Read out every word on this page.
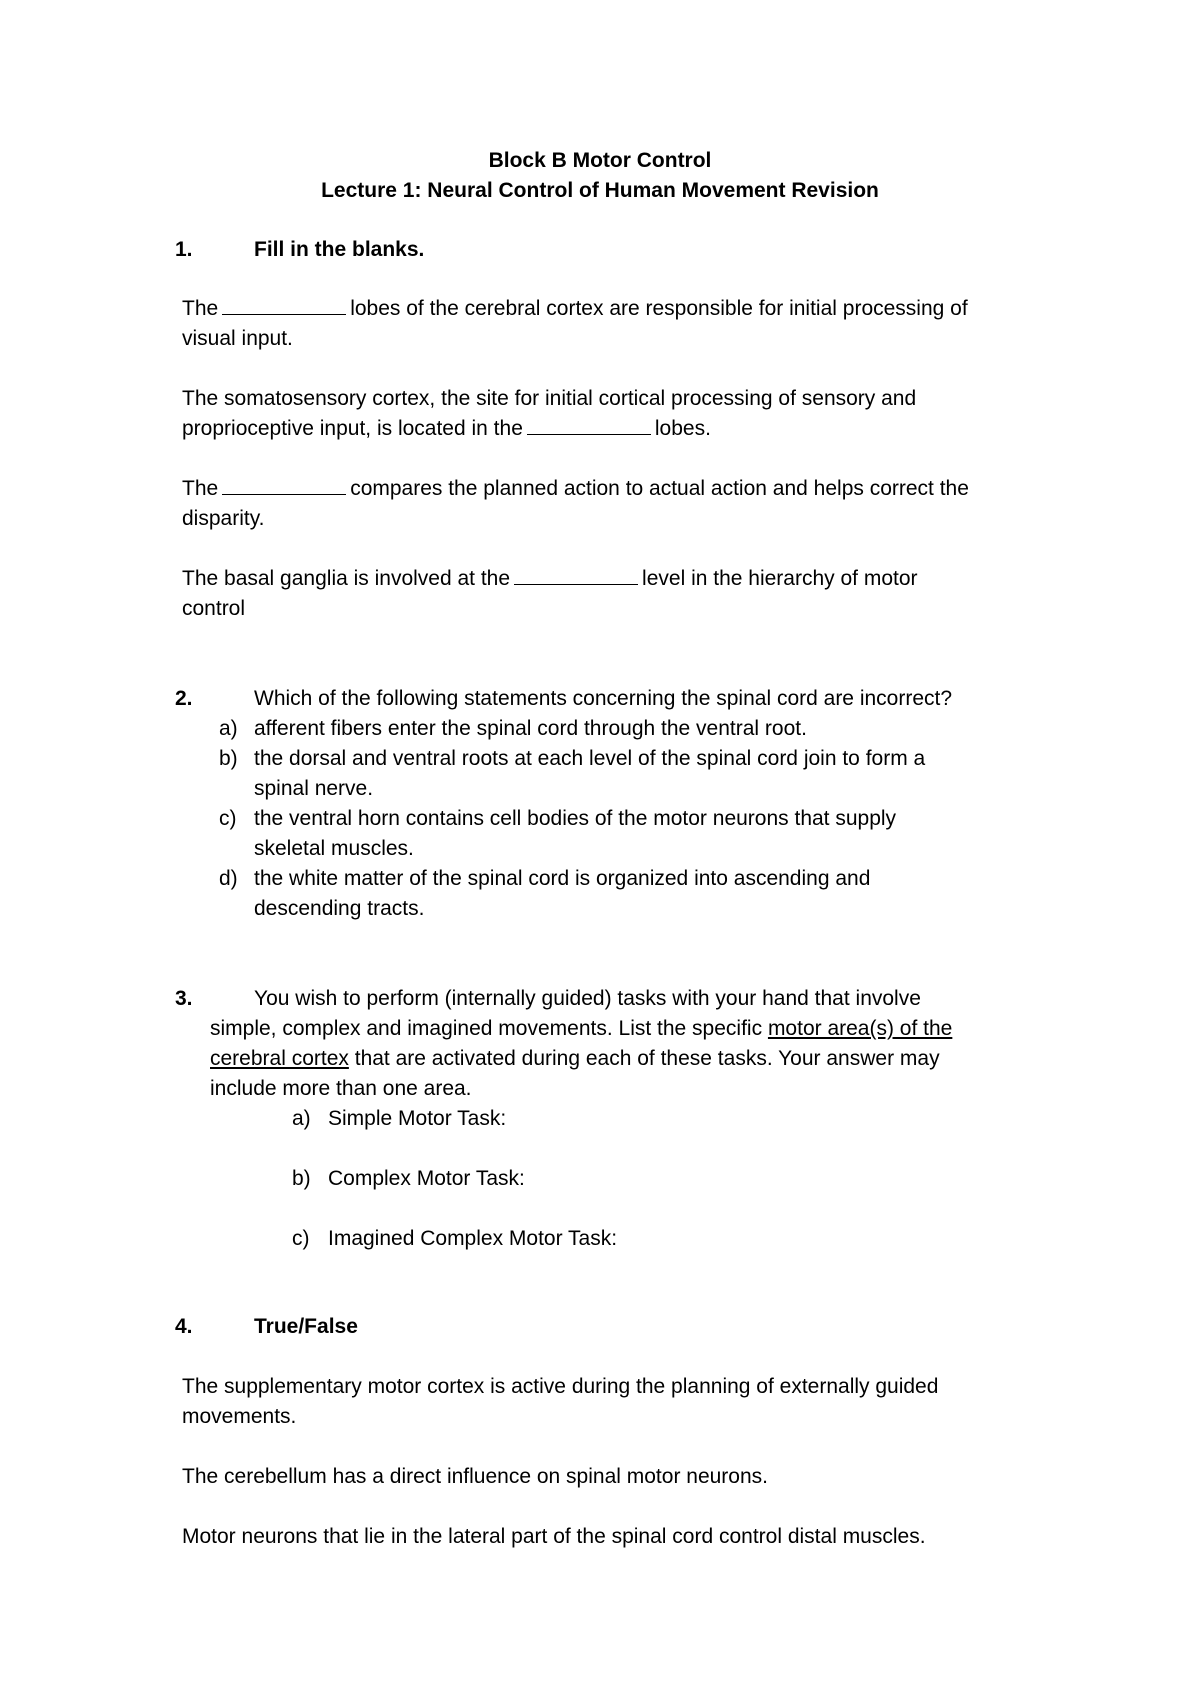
Block B Motor Control
Lecture 1: Neural Control of Human Movement Revision
1.	Fill in the blanks.
The	lobes of the cerebral cortex are responsible for initial processing of
visual input.
The somatosensory cortex, the site for initial cortical processing of sensory and
proprioceptive input, is located in the	lobes.
The	compares the planned action to actual action and helps correct the
disparity.
The basal ganglia is involved at the	level in the hierarchy of motor
control
2.	Which of the following statements concerning the spinal cord are incorrect?
a) afferent fibers enter the spinal cord through the ventral root.
b) the dorsal and ventral roots at each level of the spinal cord join to form a
spinal nerve.
c) the ventral horn contains cell bodies of the motor neurons that supply
skeletal muscles.
d) the white matter of the spinal cord is organized into ascending and
descending tracts.
3.	You wish to perform (internally guided) tasks with your hand that involve
simple, complex and imagined movements. List the specific motor area(s) of the
cerebral cortex that are activated during each of these tasks. Your answer may
include more than one area.
a) Simple Motor Task:
b) Complex Motor Task:
c) Imagined Complex Motor Task:
4.	True/False
The supplementary motor cortex is active during the planning of externally guided
movements.
The cerebellum has a direct influence on spinal motor neurons.
Motor neurons that lie in the lateral part of the spinal cord control distal muscles.
